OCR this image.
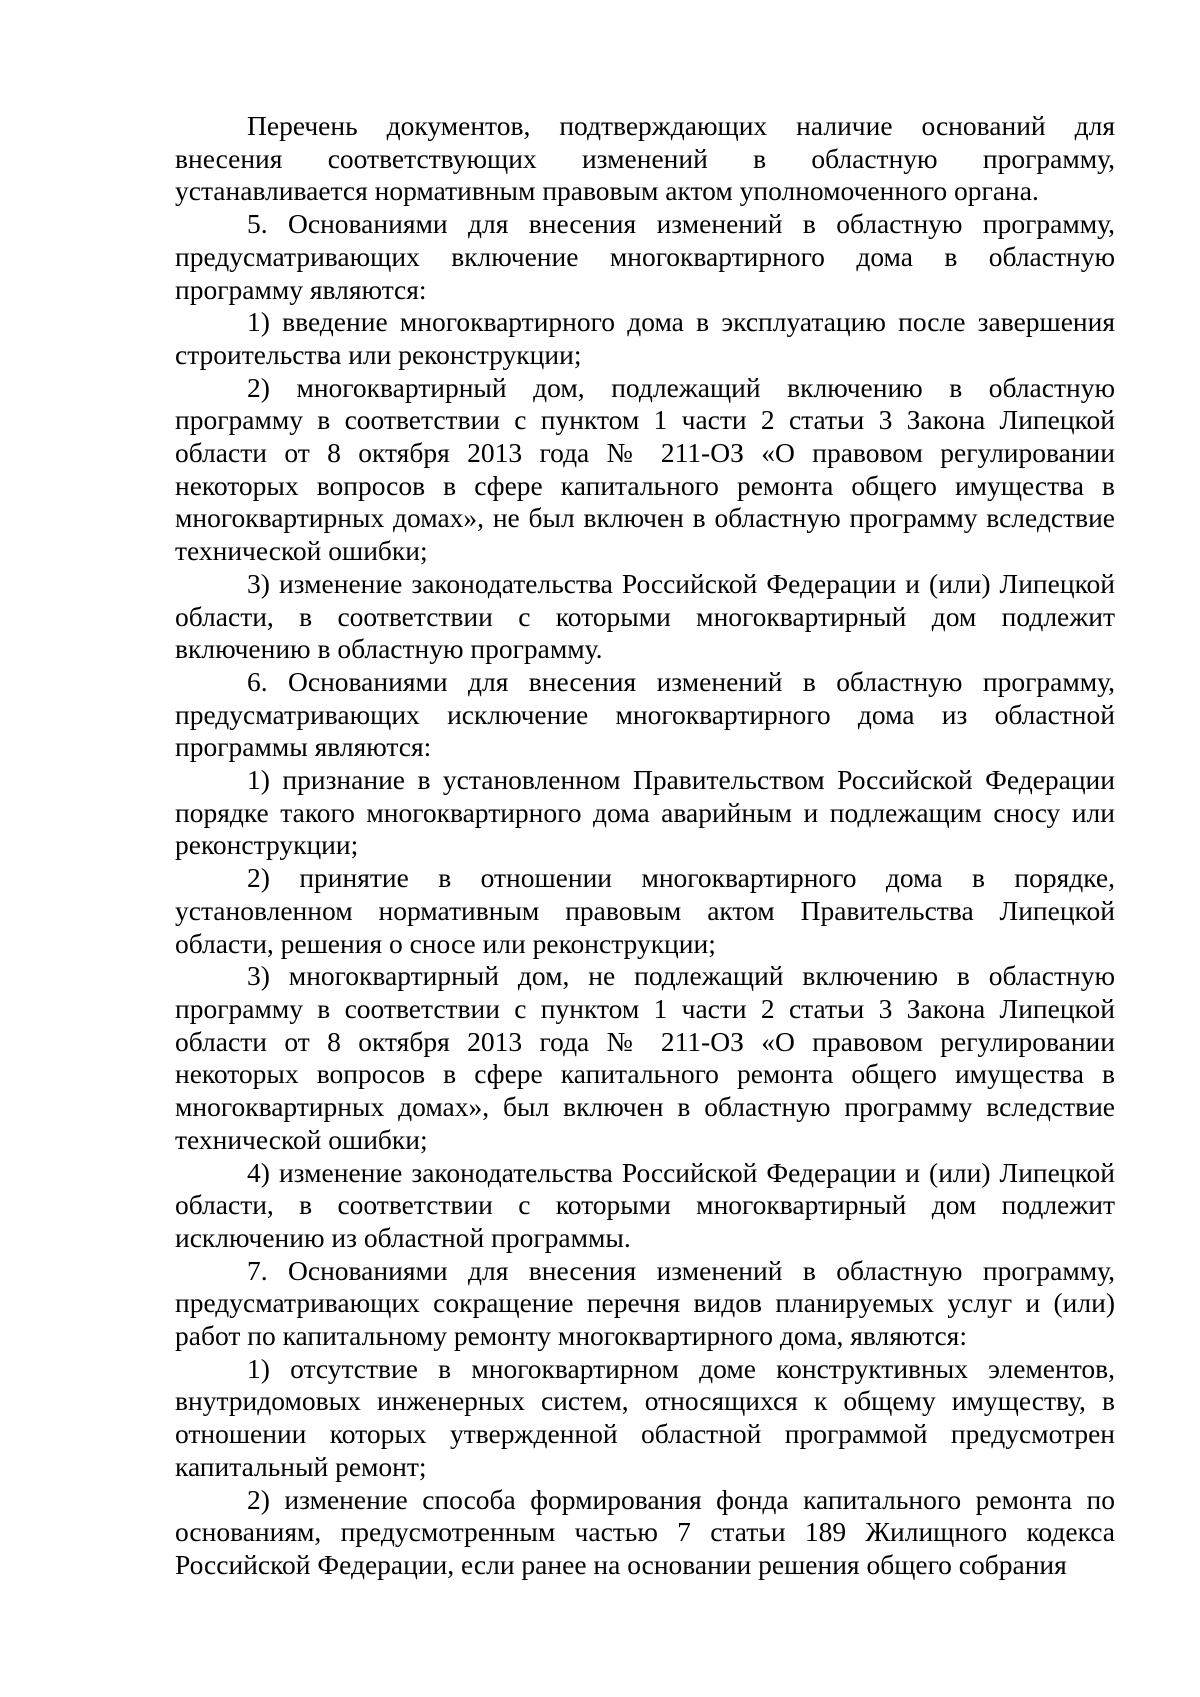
Перечень документов, подтверждающих наличие оснований для внесения соответствующих изменений в областную программу, устанавливается нормативным правовым актом уполномоченного органа.

5. Основаниями для внесения изменений в областную программу, предусматривающих включение многоквартирного дома в областную программу являются:

1) введение многоквартирного дома в эксплуатацию после завершения строительства или реконструкции;

2) многоквартирный дом, подлежащий включению в областную программу в соответствии с пунктом 1 части 2 статьи 3 Закона Липецкой области от 8 октября 2013 года № 211-ОЗ «О правовом регулировании некоторых вопросов в сфере капитального ремонта общего имущества в многоквартирных домах», не был включен в областную программу вследствие технической ошибки;

3) изменение законодательства Российской Федерации и (или) Липецкой области, в соответствии с которыми многоквартирный дом подлежит включению в областную программу.

6. Основаниями для внесения изменений в областную программу, предусматривающих исключение многоквартирного дома из областной программы являются:

1) признание в установленном Правительством Российской Федерации порядке такого многоквартирного дома аварийным и подлежащим сносу или реконструкции;

2) принятие в отношении многоквартирного дома в порядке, установленном нормативным правовым актом Правительства Липецкой области, решения о сносе или реконструкции;

3) многоквартирный дом, не подлежащий включению в областную программу в соответствии с пунктом 1 части 2 статьи 3 Закона Липецкой области от 8 октября 2013 года № 211-ОЗ «О правовом регулировании некоторых вопросов в сфере капитального ремонта общего имущества в многоквартирных домах», был включен в областную программу вследствие технической ошибки;

4) изменение законодательства Российской Федерации и (или) Липецкой области, в соответствии с которыми многоквартирный дом подлежит исключению из областной программы.

7. Основаниями для внесения изменений в областную программу, предусматривающих сокращение перечня видов планируемых услуг и (или) работ по капитальному ремонту многоквартирного дома, являются:

1) отсутствие в многоквартирном доме конструктивных элементов, внутридомовых инженерных систем, относящихся к общему имуществу, в отношении которых утвержденной областной программой предусмотрен капитальный ремонт;

2) изменение способа формирования фонда капитального ремонта по основаниям, предусмотренным частью 7 статьи 189 Жилищного кодекса Российской Федерации, если ранее на основании решения общего собрания
